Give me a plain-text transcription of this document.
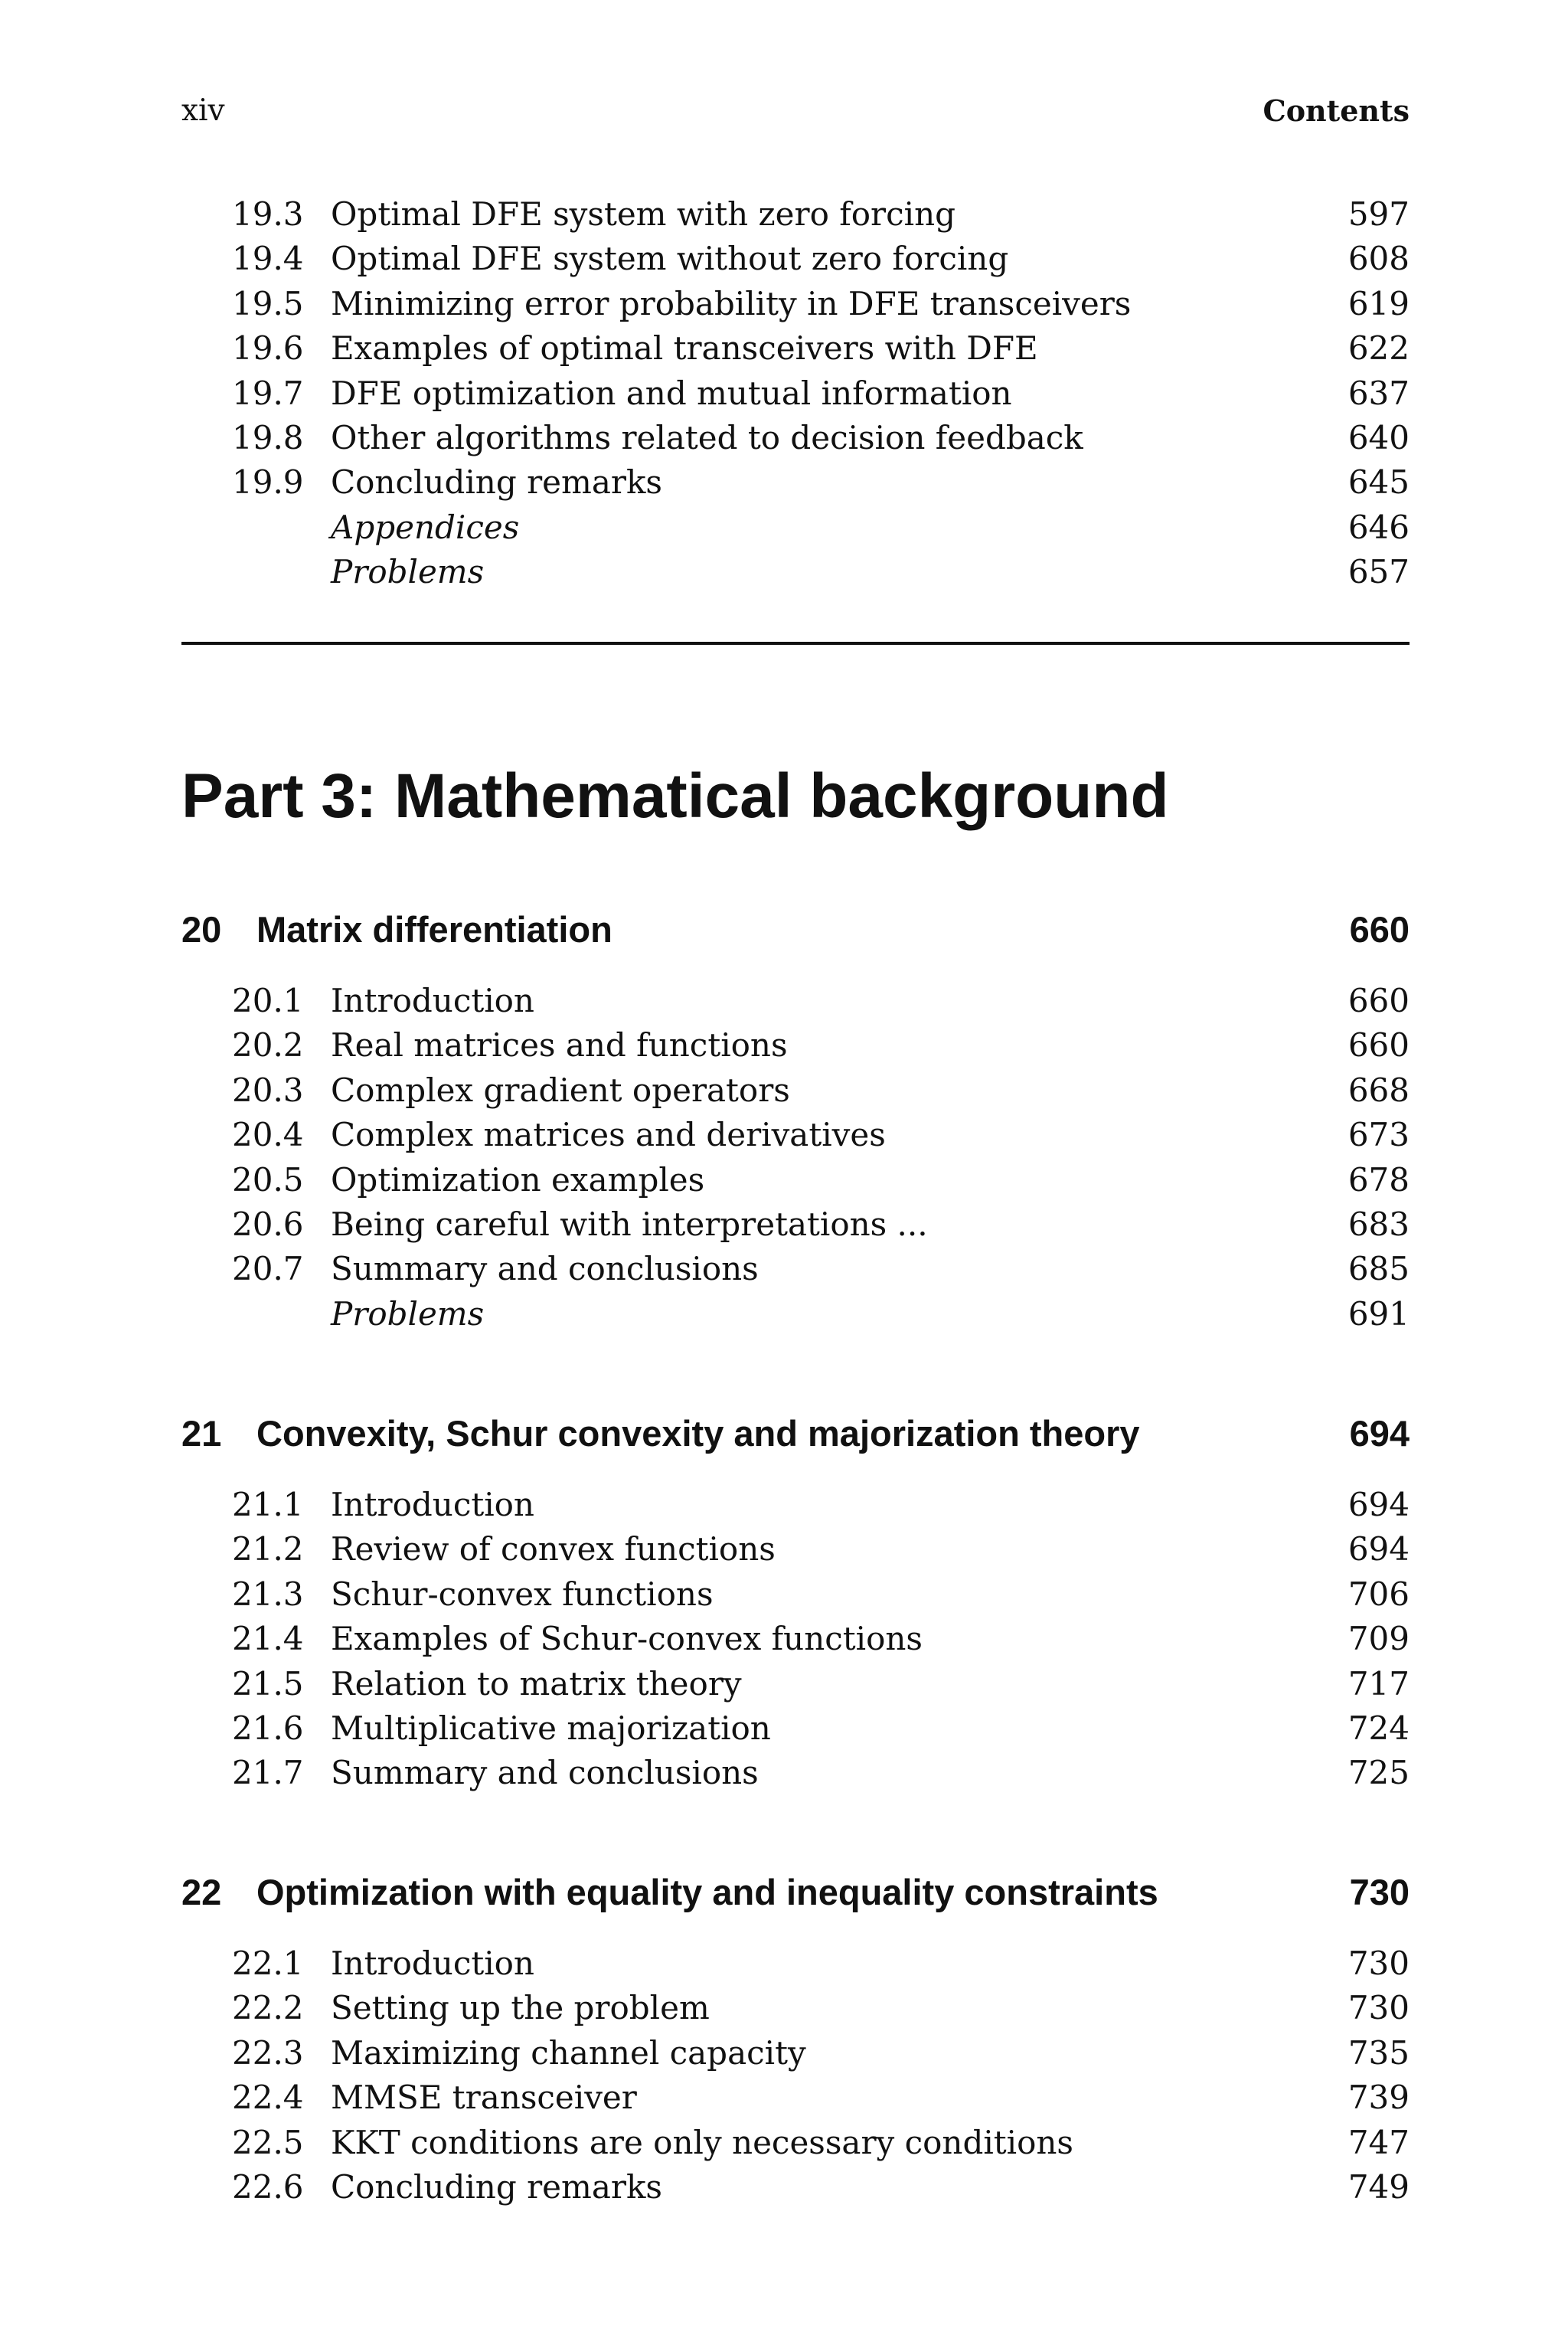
xiv	Contents
19.3 Optimal DFE system with zero forcing	597
19.4 Optimal DFE system without zero forcing	608
19.5 Minimizing error probability in DFE transceivers	619
19.6 Examples of optimal transceivers with DFE	622
19.7 DFE optimization and mutual information	637
19.8 Other algorithms related to decision feedback	640
19.9 Concluding remarks	645
Appendices	646
Problems	657
Part 3: Mathematical background
20 Matrix differentiation	660
20.1 Introduction	660
20.2 Real matrices and functions	660
20.3 Complex gradient operators	668
20.4 Complex matrices and derivatives	673
20.5 Optimization examples	678
20.6 Being careful with interpretations ...	683
20.7 Summary and conclusions	685
Problems	691
21 Convexity, Schur convexity and majorization theory	694
21.1 Introduction	694
21.2 Review of convex functions	694
21.3 Schur-convex functions	706
21.4 Examples of Schur-convex functions	709
21.5 Relation to matrix theory	717
21.6 Multiplicative majorization	724
21.7 Summary and conclusions	725
22 Optimization with equality and inequality constraints	730
22.1 Introduction	730
22.2 Setting up the problem	730
22.3 Maximizing channel capacity	735
22.4 MMSE transceiver	739
22.5 KKT conditions are only necessary conditions	747
22.6 Concluding remarks	749
